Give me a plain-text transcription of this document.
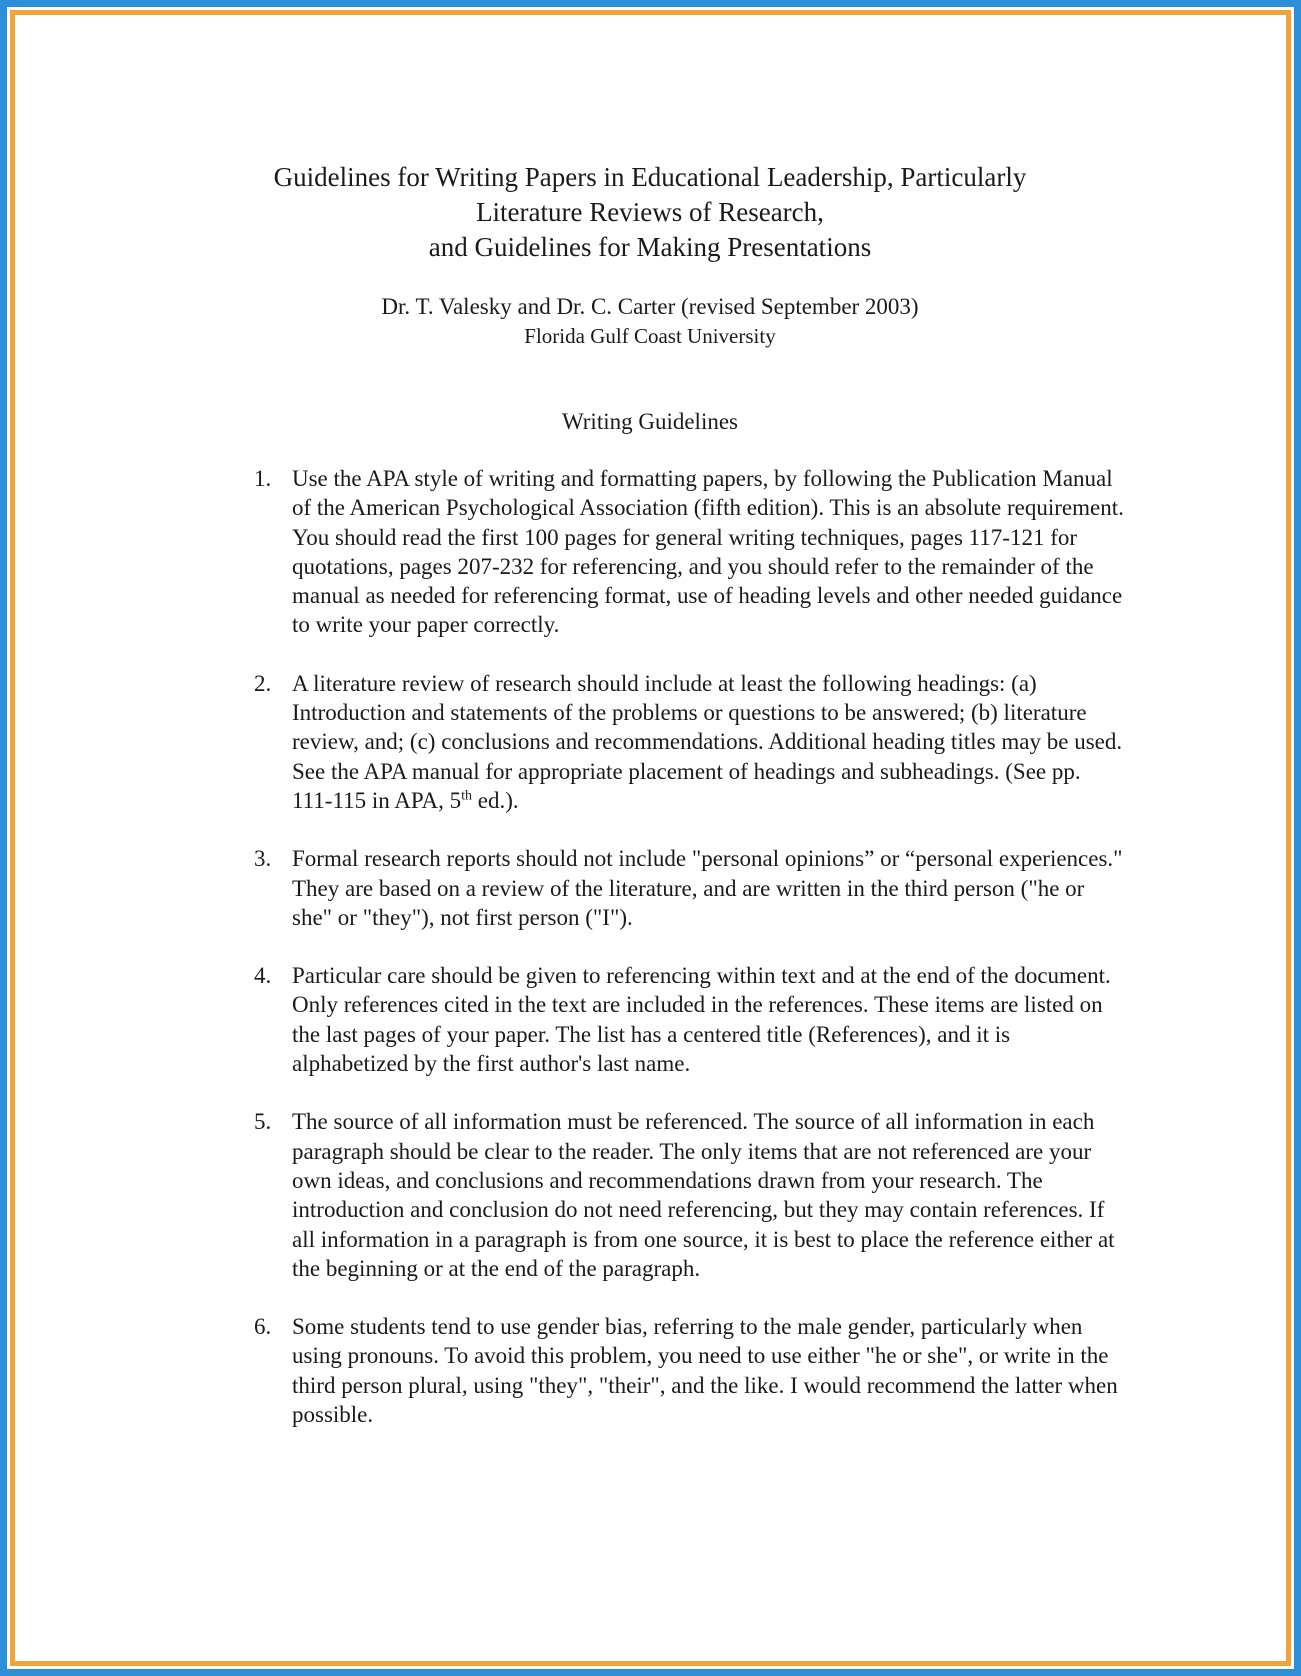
Guidelines for Writing Papers in Educational Leadership, Particularly
Literature Reviews of Research,
and Guidelines for Making Presentations
Dr. T. Valesky and Dr. C. Carter (revised September 2003)
Florida Gulf Coast University
Writing Guidelines
1. Use the APA style of writing and formatting papers, by following the Publication Manual of the American Psychological Association (fifth edition). This is an absolute requirement. You should read the first 100 pages for general writing techniques, pages 117-121 for quotations, pages 207-232 for referencing, and you should refer to the remainder of the manual as needed for referencing format, use of heading levels and other needed guidance to write your paper correctly.
2. A literature review of research should include at least the following headings: (a) Introduction and statements of the problems or questions to be answered; (b) literature review, and; (c) conclusions and recommendations. Additional heading titles may be used. See the APA manual for appropriate placement of headings and subheadings. (See pp. 111-115 in APA, 5th ed.).
3. Formal research reports should not include "personal opinions” or “personal experiences." They are based on a review of the literature, and are written in the third person ("he or she" or "they"), not first person ("I").
4. Particular care should be given to referencing within text and at the end of the document. Only references cited in the text are included in the references. These items are listed on the last pages of your paper. The list has a centered title (References), and it is alphabetized by the first author's last name.
5. The source of all information must be referenced. The source of all information in each paragraph should be clear to the reader. The only items that are not referenced are your own ideas, and conclusions and recommendations drawn from your research. The introduction and conclusion do not need referencing, but they may contain references. If all information in a paragraph is from one source, it is best to place the reference either at the beginning or at the end of the paragraph.
6. Some students tend to use gender bias, referring to the male gender, particularly when using pronouns. To avoid this problem, you need to use either "he or she", or write in the third person plural, using "they", "their", and the like. I would recommend the latter when possible.
